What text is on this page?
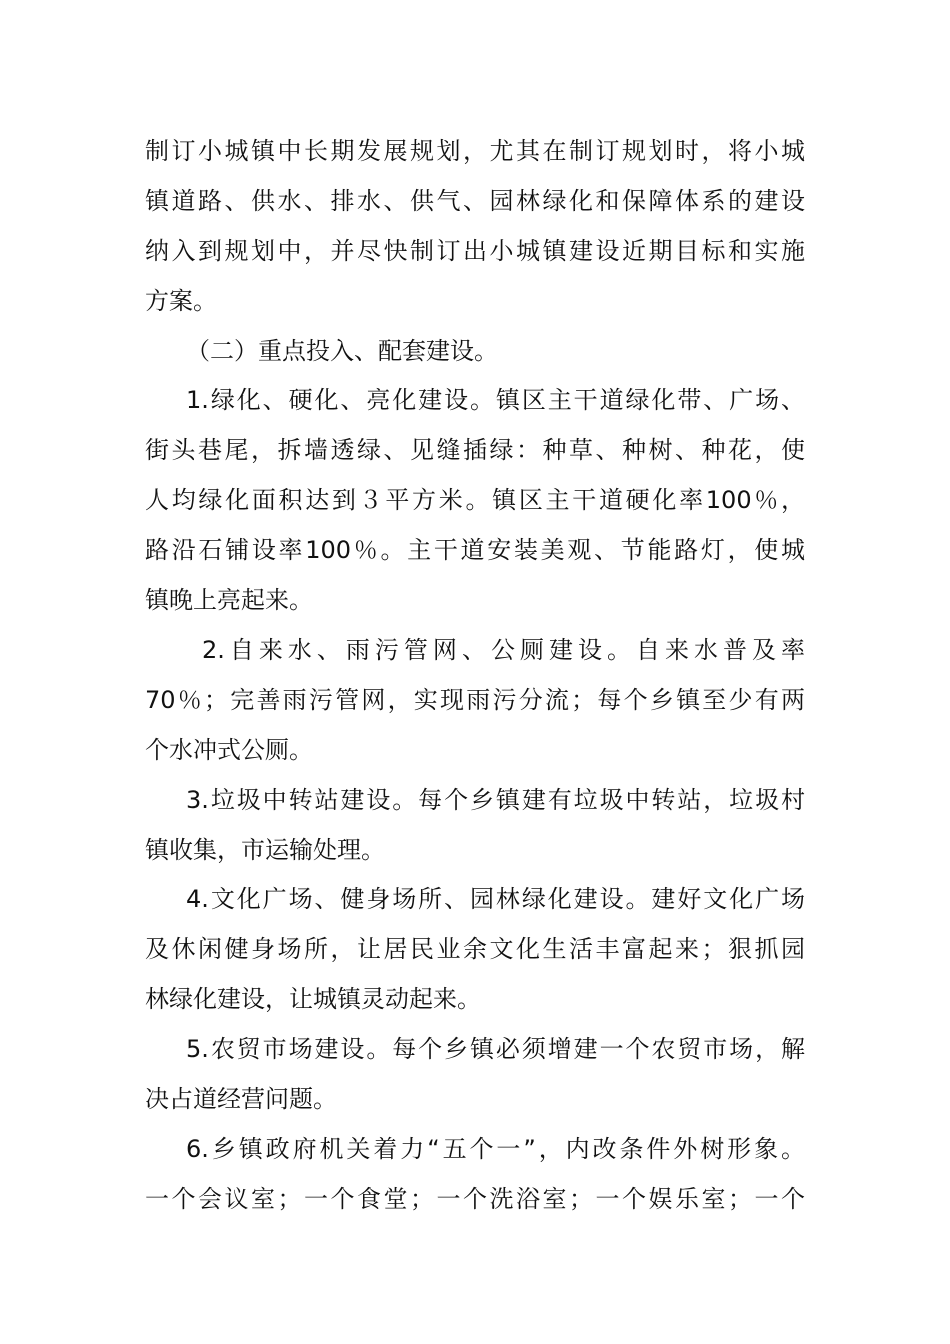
制订小城镇中长期发展规划，尤其在制订规划时，将小城
镇道路、供水、排水、供气、园林绿化和保障体系的建设
纳入到规划中，并尽快制订出小城镇建设近期目标和实施
方案。
（二）重点投入、配套建设。
1.绿化、硬化、亮化建设。镇区主干道绿化带、广场、
街头巷尾，拆墙透绿、见缝插绿：种草、种树、种花，使
人均绿化面积达到３平方米。镇区主干道硬化率100％，
路沿石铺设率100％。主干道安装美观、节能路灯，使城
镇晚上亮起来。
2.自来水、雨污管网、公厕建设。自来水普及率
70％；完善雨污管网，实现雨污分流；每个乡镇至少有两
个水冲式公厕。
3.垃圾中转站建设。每个乡镇建有垃圾中转站，垃圾村
镇收集，市运输处理。
4.文化广场、健身场所、园林绿化建设。建好文化广场
及休闲健身场所，让居民业余文化生活丰富起来；狠抓园
林绿化建设，让城镇灵动起来。
5.农贸市场建设。每个乡镇必须增建一个农贸市场，解
决占道经营问题。
6.乡镇政府机关着力“五个一”，内改条件外树形象。
一个会议室；一个食堂；一个洗浴室；一个娱乐室；一个
